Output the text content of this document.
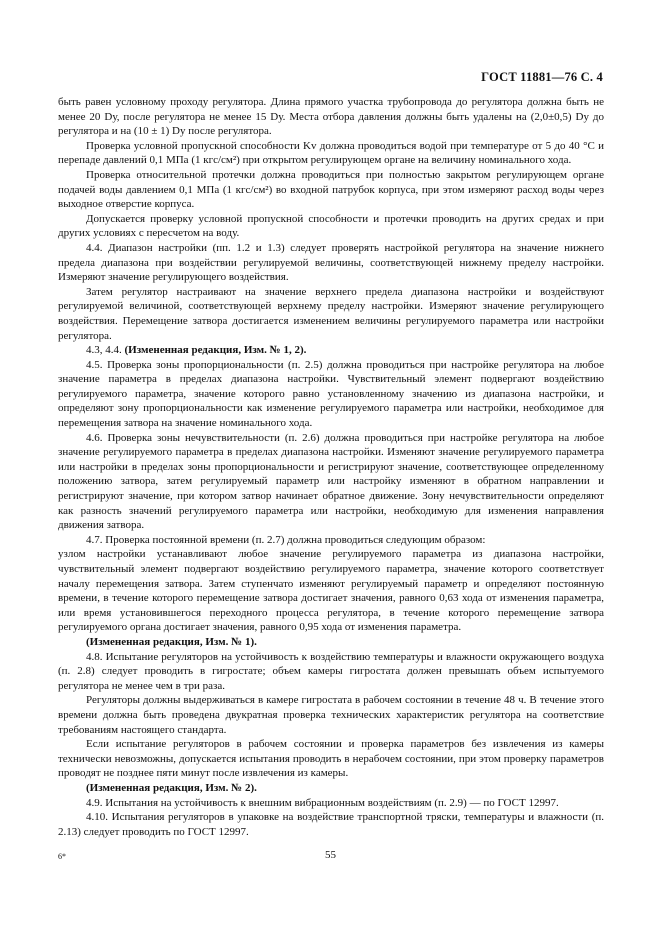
ГОСТ 11881—76 С. 4

быть равен условному проходу регулятора. Длина прямого участка трубопровода до регулятора должна быть не менее 20 Dу, после регулятора не менее 15 Dу. Места отбора давления должны быть удалены на (2,0±0,5) Dу до регулятора и на (10 ± 1) Dу после регулятора.

Проверка условной пропускной способности Kv должна проводиться водой при температуре от 5 до 40 °С и перепаде давлений 0,1 МПа (1 кгс/см²) при открытом регулирующем органе на величину номинального хода.

Проверка относительной протечки должна проводиться при полностью закрытом регулирующем органе подачей воды давлением 0,1 МПа (1 кгс/см²) во входной патрубок корпуса, при этом измеряют расход воды через выходное отверстие корпуса.

Допускается проверку условной пропускной способности и протечки проводить на других средах и при других условиях с пересчетом на воду.

4.4. Диапазон настройки (пп. 1.2 и 1.3) следует проверять настройкой регулятора на значение нижнего предела диапазона при воздействии регулируемой величины, соответствующей нижнему пределу настройки. Измеряют значение регулирующего воздействия.

Затем регулятор настраивают на значение верхнего предела диапазона настройки и воздействуют регулируемой величиной, соответствующей верхнему пределу настройки. Измеряют значение регулирующего воздействия. Перемещение затвора достигается изменением величины регулируемого параметра или настройки регулятора.

4.3, 4.4. (Измененная редакция, Изм. № 1, 2).

4.5. Проверка зоны пропорциональности (п. 2.5) должна проводиться при настройке регулятора на любое значение параметра в пределах диапазона настройки. Чувствительный элемент подвергают воздействию регулируемого параметра, значение которого равно установленному значению из диапазона настройки, и определяют зону пропорциональности как изменение регулируемого параметра или настройки, необходимое для перемещения затвора на значение номинального хода.

4.6. Проверка зоны нечувствительности (п. 2.6) должна проводиться при настройке регулятора на любое значение регулируемого параметра в пределах диапазона настройки. Изменяют значение регулируемого параметра или настройки в пределах зоны пропорциональности и регистрируют значение, соответствующее определенному положению затвора, затем регулируемый параметр или настройку изменяют в обратном направлении и регистрируют значение, при котором затвор начинает обратное движение. Зону нечувствительности определяют как разность значений регулируемого параметра или настройки, необходимую для изменения направления движения затвора.

4.7. Проверка постоянной времени (п. 2.7) должна проводиться следующим образом:

узлом настройки устанавливают любое значение регулируемого параметра из диапазона настройки, чувствительный элемент подвергают воздействию регулируемого параметра, значение которого соответствует началу перемещения затвора. Затем ступенчато изменяют регулируемый параметр и определяют постоянную времени, в течение которого перемещение затвора достигает значения, равного 0,63 хода от изменения параметра, или время установившегося переходного процесса регулятора, в течение которого перемещение затвора регулируемого органа достигает значения, равного 0,95 хода от изменения параметра.

(Измененная редакция, Изм. № 1).

4.8. Испытание регуляторов на устойчивость к воздействию температуры и влажности окружающего воздуха (п. 2.8) следует проводить в гигростате; объем камеры гигростата должен превышать объем испытуемого регулятора не менее чем в три раза.

Регуляторы должны выдерживаться в камере гигростата в рабочем состоянии в течение 48 ч. В течение этого времени должна быть проведена двукратная проверка технических характеристик регулятора на соответствие требованиям настоящего стандарта.

Если испытание регуляторов в рабочем состоянии и проверка параметров без извлечения из камеры технически невозможны, допускается испытания проводить в нерабочем состоянии, при этом проверку параметров проводят не позднее пяти минут после извлечения из камеры.

(Измененная редакция, Изм. № 2).

4.9. Испытания на устойчивость к внешним вибрационным воздействиям (п. 2.9) — по ГОСТ 12997.

4.10. Испытания регуляторов в упаковке на воздействие транспортной тряски, температуры и влажности (п. 2.13) следует проводить по ГОСТ 12997.

6*	55
